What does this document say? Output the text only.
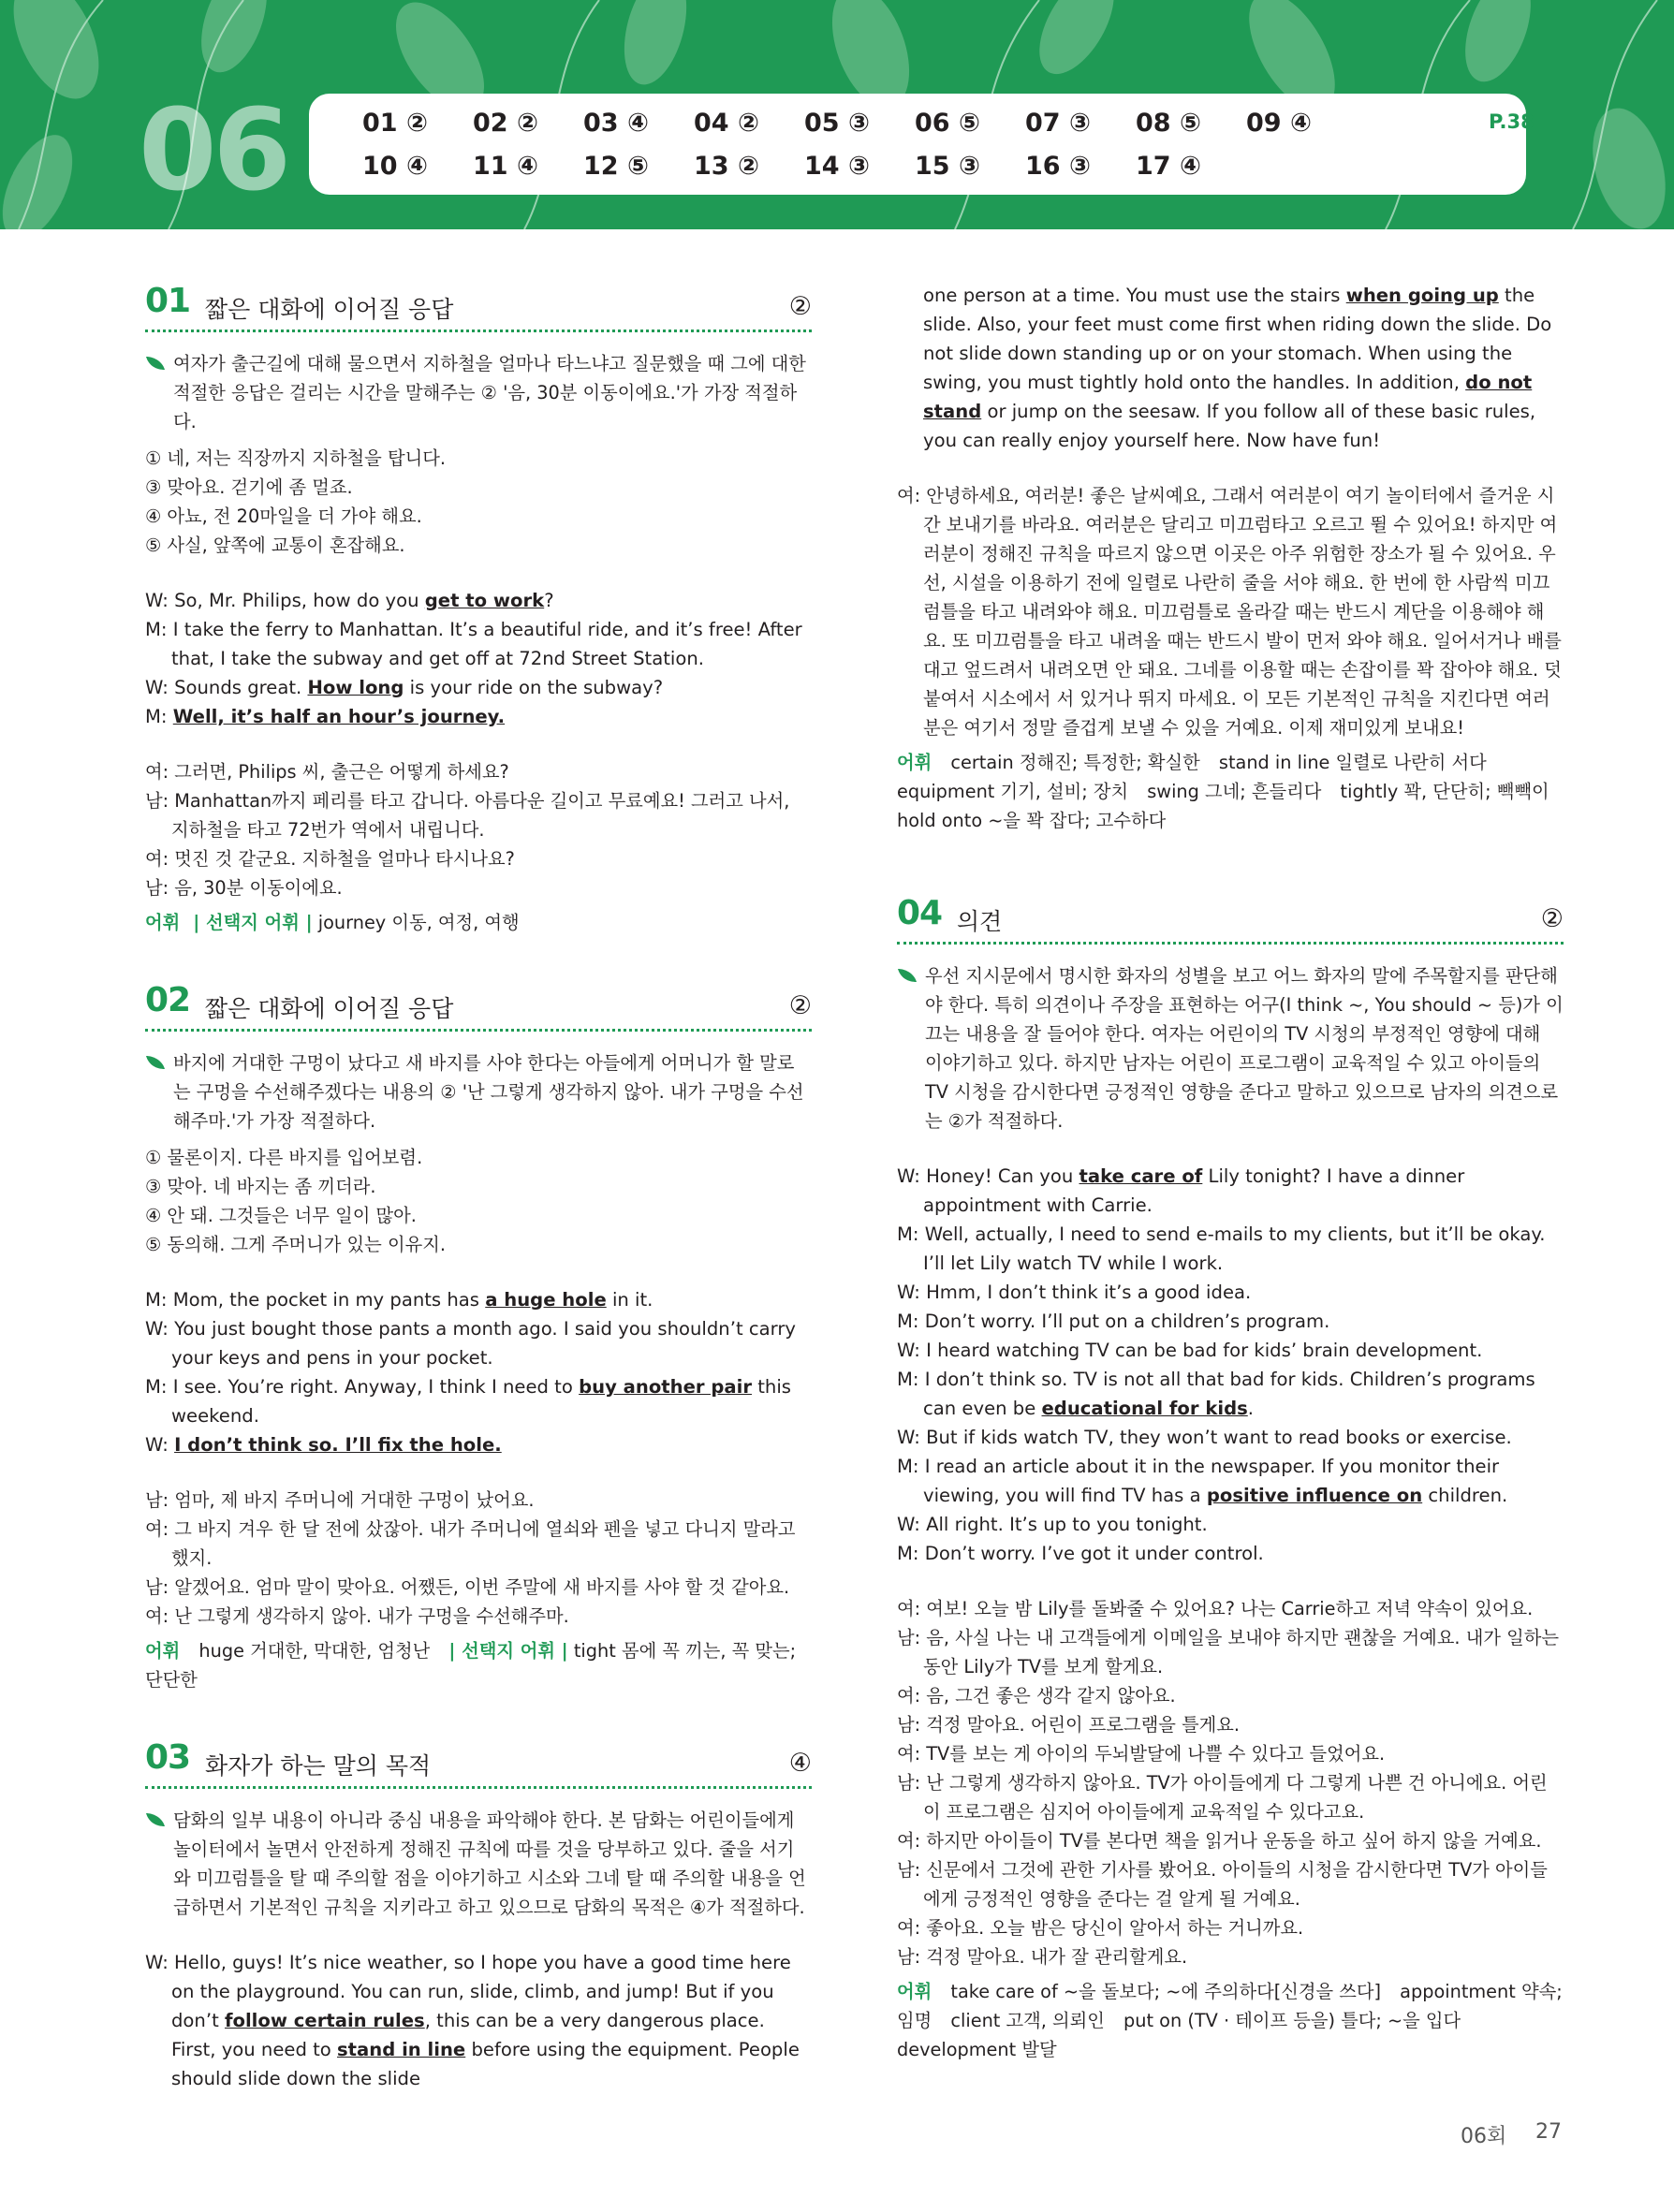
06	01 ② 02 ② 03 ④ 04 ② 05 ③ 06 ⑤ 07 ③ 08 ⑤ 09 ④
10 ④ 11 ④ 12 ⑤ 13 ② 14 ③ 15 ③ 16 ③ 17 ④
P.38
01 짧은 대화에 이어질 응답	②
여자가 출근길에 대해 물으면서 지하철을 얼마나 타느냐고 질문했을 때 그에 대한 적절한 응답은 걸리는 시간을 말해주는 ② '음, 30분 이동이에요.'가 가장 적절하다.
① 네, 저는 직장까지 지하철을 탑니다.
③ 맞아요. 걷기에 좀 멀죠.
④ 아뇨, 전 20마일을 더 가야 해요.
⑤ 사실, 앞쪽에 교통이 혼잡해요.
W: So, Mr. Philips, how do you get to work?
M: I take the ferry to Manhattan. It’s a beautiful ride, and it’s free! After that, I take the subway and get off at 72nd Street Station.
W: Sounds great. How long is your ride on the subway?
M: Well, it’s half an hour’s journey.
여: 그러면, Philips 씨, 출근은 어떻게 하세요?
남: Manhattan까지 페리를 타고 갑니다. 아름다운 길이고 무료예요! 그러고 나서, 지하철을 타고 72번가 역에서 내립니다.
여: 멋진 것 같군요. 지하철을 얼마나 타시나요?
남: 음, 30분 이동이에요.
어휘 | 선택지 어휘 | journey 이동, 여정, 여행
02 짧은 대화에 이어질 응답	②
바지에 거대한 구멍이 났다고 새 바지를 사야 한다는 아들에게 어머니가 할 말로는 구멍을 수선해주겠다는 내용의 ② '난 그렇게 생각하지 않아. 내가 구멍을 수선해주마.'가 가장 적절하다.
① 물론이지. 다른 바지를 입어보렴.
③ 맞아. 네 바지는 좀 끼더라.
④ 안 돼. 그것들은 너무 일이 많아.
⑤ 동의해. 그게 주머니가 있는 이유지.
M: Mom, the pocket in my pants has a huge hole in it.
W: You just bought those pants a month ago. I said you shouldn’t carry your keys and pens in your pocket.
M: I see. You’re right. Anyway, I think I need to buy another pair this weekend.
W: I don’t think so. I’ll fix the hole.
남: 엄마, 제 바지 주머니에 거대한 구멍이 났어요.
여: 그 바지 겨우 한 달 전에 샀잖아. 내가 주머니에 열쇠와 펜을 넣고 다니지 말라고 했지.
남: 알겠어요. 엄마 말이 맞아요. 어쨌든, 이번 주말에 새 바지를 사야 할 것 같아요.
여: 난 그렇게 생각하지 않아. 내가 구멍을 수선해주마.
어휘 huge 거대한, 막대한, 엄청난 | 선택지 어휘 | tight 몸에 꼭 끼는, 꼭 맞는; 단단한
03 화자가 하는 말의 목적	④
담화의 일부 내용이 아니라 중심 내용을 파악해야 한다. 본 담화는 어린이들에게 놀이터에서 놀면서 안전하게 정해진 규칙에 따를 것을 당부하고 있다. 줄을 서기와 미끄럼틀을 탈 때 주의할 점을 이야기하고 시소와 그네 탈 때 주의할 내용을 언급하면서 기본적인 규칙을 지키라고 하고 있으므로 담화의 목적은 ④가 적절하다.
W: Hello, guys! It’s nice weather, so I hope you have a good time here on the playground. You can run, slide, climb, and jump! But if you don’t follow certain rules, this can be a very dangerous place. First, you need to stand in line before using the equipment. People should slide down the slide
one person at a time. You must use the stairs when going up the slide. Also, your feet must come first when riding down the slide. Do not slide down standing up or on your stomach. When using the swing, you must tightly hold onto the handles. In addition, do not stand or jump on the seesaw. If you follow all of these basic rules, you can really enjoy yourself here. Now have fun!
여: 안녕하세요, 여러분! 좋은 날씨예요, 그래서 여러분이 여기 놀이터에서 즐거운 시간 보내기를 바라요. 여러분은 달리고 미끄럼타고 오르고 뛸 수 있어요! 하지만 여러분이 정해진 규칙을 따르지 않으면 이곳은 아주 위험한 장소가 될 수 있어요. 우선, 시설을 이용하기 전에 일렬로 나란히 줄을 서야 해요. 한 번에 한 사람씩 미끄럼틀을 타고 내려와야 해요. 미끄럼틀로 올라갈 때는 반드시 계단을 이용해야 해요. 또 미끄럼틀을 타고 내려올 때는 반드시 발이 먼저 와야 해요. 일어서거나 배를 대고 엎드려서 내려오면 안 돼요. 그네를 이용할 때는 손잡이를 꽉 잡아야 해요. 덧붙여서 시소에서 서 있거나 뛰지 마세요. 이 모든 기본적인 규칙을 지킨다면 여러분은 여기서 정말 즐겁게 보낼 수 있을 거예요. 이제 재미있게 보내요!
어휘 certain 정해진; 특정한; 확실한 stand in line 일렬로 나란히 서다 equipment 기기, 설비; 장치 swing 그네; 흔들리다 tightly 꽉, 단단히; 빽빽이 hold onto ~을 꽉 잡다; 고수하다
04 의견	②
우선 지시문에서 명시한 화자의 성별을 보고 어느 화자의 말에 주목할지를 판단해야 한다. 특히 의견이나 주장을 표현하는 어구(I think ~, You should ~ 등)가 이끄는 내용을 잘 들어야 한다. 여자는 어린이의 TV 시청의 부정적인 영향에 대해 이야기하고 있다. 하지만 남자는 어린이 프로그램이 교육적일 수 있고 아이들의 TV 시청을 감시한다면 긍정적인 영향을 준다고 말하고 있으므로 남자의 의견으로는 ②가 적절하다.
W: Honey! Can you take care of Lily tonight? I have a dinner appointment with Carrie.
M: Well, actually, I need to send e-mails to my clients, but it’ll be okay. I’ll let Lily watch TV while I work.
W: Hmm, I don’t think it’s a good idea.
M: Don’t worry. I’ll put on a children’s program.
W: I heard watching TV can be bad for kids’ brain development.
M: I don’t think so. TV is not all that bad for kids. Children’s programs can even be educational for kids.
W: But if kids watch TV, they won’t want to read books or exercise.
M: I read an article about it in the newspaper. If you monitor their viewing, you will find TV has a positive influence on children.
W: All right. It’s up to you tonight.
M: Don’t worry. I’ve got it under control.
여: 여보! 오늘 밤 Lily를 돌봐줄 수 있어요? 나는 Carrie하고 저녁 약속이 있어요.
남: 음, 사실 나는 내 고객들에게 이메일을 보내야 하지만 괜찮을 거예요. 내가 일하는 동안 Lily가 TV를 보게 할게요.
여: 음, 그건 좋은 생각 같지 않아요.
남: 걱정 말아요. 어린이 프로그램을 틀게요.
여: TV를 보는 게 아이의 두뇌발달에 나쁠 수 있다고 들었어요.
남: 난 그렇게 생각하지 않아요. TV가 아이들에게 다 그렇게 나쁜 건 아니에요. 어린이 프로그램은 심지어 아이들에게 교육적일 수 있다고요.
여: 하지만 아이들이 TV를 본다면 책을 읽거나 운동을 하고 싶어 하지 않을 거예요.
남: 신문에서 그것에 관한 기사를 봤어요. 아이들의 시청을 감시한다면 TV가 아이들에게 긍정적인 영향을 준다는 걸 알게 될 거예요.
여: 좋아요. 오늘 밤은 당신이 알아서 하는 거니까요.
남: 걱정 말아요. 내가 잘 관리할게요.
어휘 take care of ~을 돌보다; ~에 주의하다[신경을 쓰다] appointment 약속; 임명 client 고객, 의뢰인 put on (TV · 테이프 등을) 틀다; ~을 입다 development 발달
06회 27
